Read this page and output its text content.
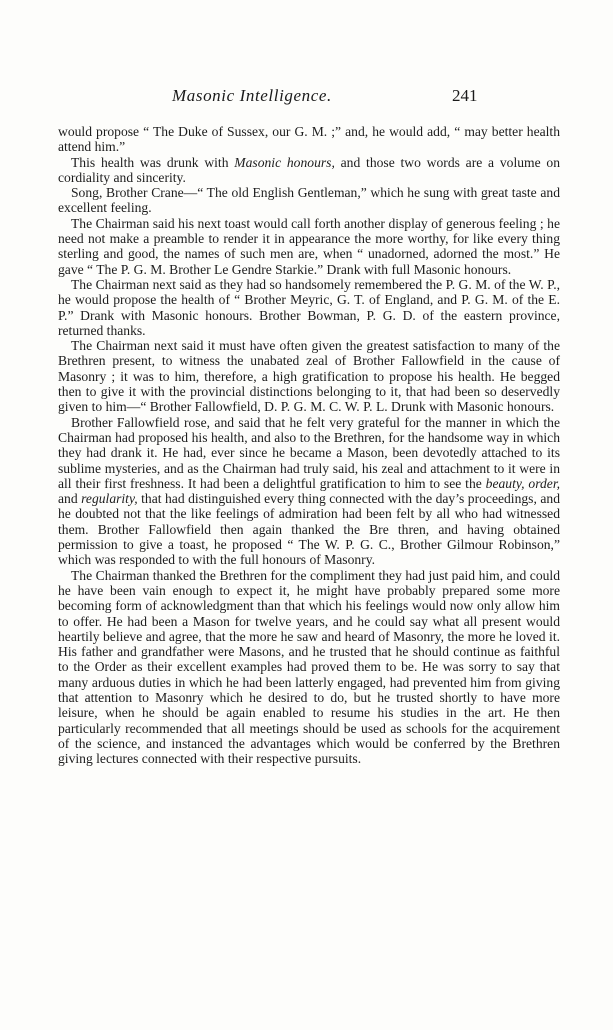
Masonic Intelligence.	241

would propose “ The Duke of Sussex, our G. M. ;” and, he would add, “ may better health attend him.”

This health was drunk with Masonic honours, and those two words are a volume on cordiality and sincerity.

Song, Brother Crane—“ The old English Gentleman,” which he sung with great taste and excellent feeling.

The Chairman said his next toast would call forth another display of generous feeling ; he need not make a preamble to render it in appearance the more worthy, for like every thing sterling and good, the names of such men are, when “ unadorned, adorned the most.” He gave “ The P. G. M. Brother Le Gendre Starkie.” Drank with full Masonic honours.

The Chairman next said as they had so handsomely remembered the P. G. M. of the W. P., he would propose the health of “ Brother Meyric, G. T. of England, and P. G. M. of the E. P.” Drank with Masonic honours. Brother Bowman, P. G. D. of the eastern province, returned thanks.

The Chairman next said it must have often given the greatest satisfaction to many of the Brethren present, to witness the unabated zeal of Brother Fallowfield in the cause of Masonry ; it was to him, therefore, a high gratification to propose his health. He begged then to give it with the provincial distinctions belonging to it, that had been so deservedly given to him—“ Brother Fallowfield, D. P. G. M. C. W. P. L. Drunk with Masonic honours.

Brother Fallowfield rose, and said that he felt very grateful for the manner in which the Chairman had proposed his health, and also to the Brethren, for the handsome way in which they had drank it. He had, ever since he became a Mason, been devotedly attached to its sublime mysteries, and as the Chairman had truly said, his zeal and attachment to it were in all their first freshness. It had been a delightful gratification to him to see the beauty, order, and regularity, that had distinguished every thing connected with the day’s proceedings, and he doubted not that the like feelings of admiration had been felt by all who had witnessed them. Brother Fallowfield then again thanked the Bre thren, and having obtained permission to give a toast, he proposed “ The W. P. G. C., Brother Gilmour Robinson,” which was responded to with the full honours of Masonry.

The Chairman thanked the Brethren for the compliment they had just paid him, and could he have been vain enough to expect it, he might have probably prepared some more becoming form of acknowledgment than that which his feelings would now only allow him to offer. He had been a Mason for twelve years, and he could say what all present would heartily believe and agree, that the more he saw and heard of Masonry, the more he loved it. His father and grandfather were Masons, and he trusted that he should continue as faithful to the Order as their excellent examples had proved them to be. He was sorry to say that many arduous duties in which he had been latterly engaged, had prevented him from giving that attention to Masonry which he desired to do, but he trusted shortly to have more leisure, when he should be again enabled to resume his studies in the art. He then particularly recommended that all meetings should be used as schools for the acquirement of the science, and instanced the advantages which would be conferred by the Brethren giving lectures connected with their respective pursuits.
